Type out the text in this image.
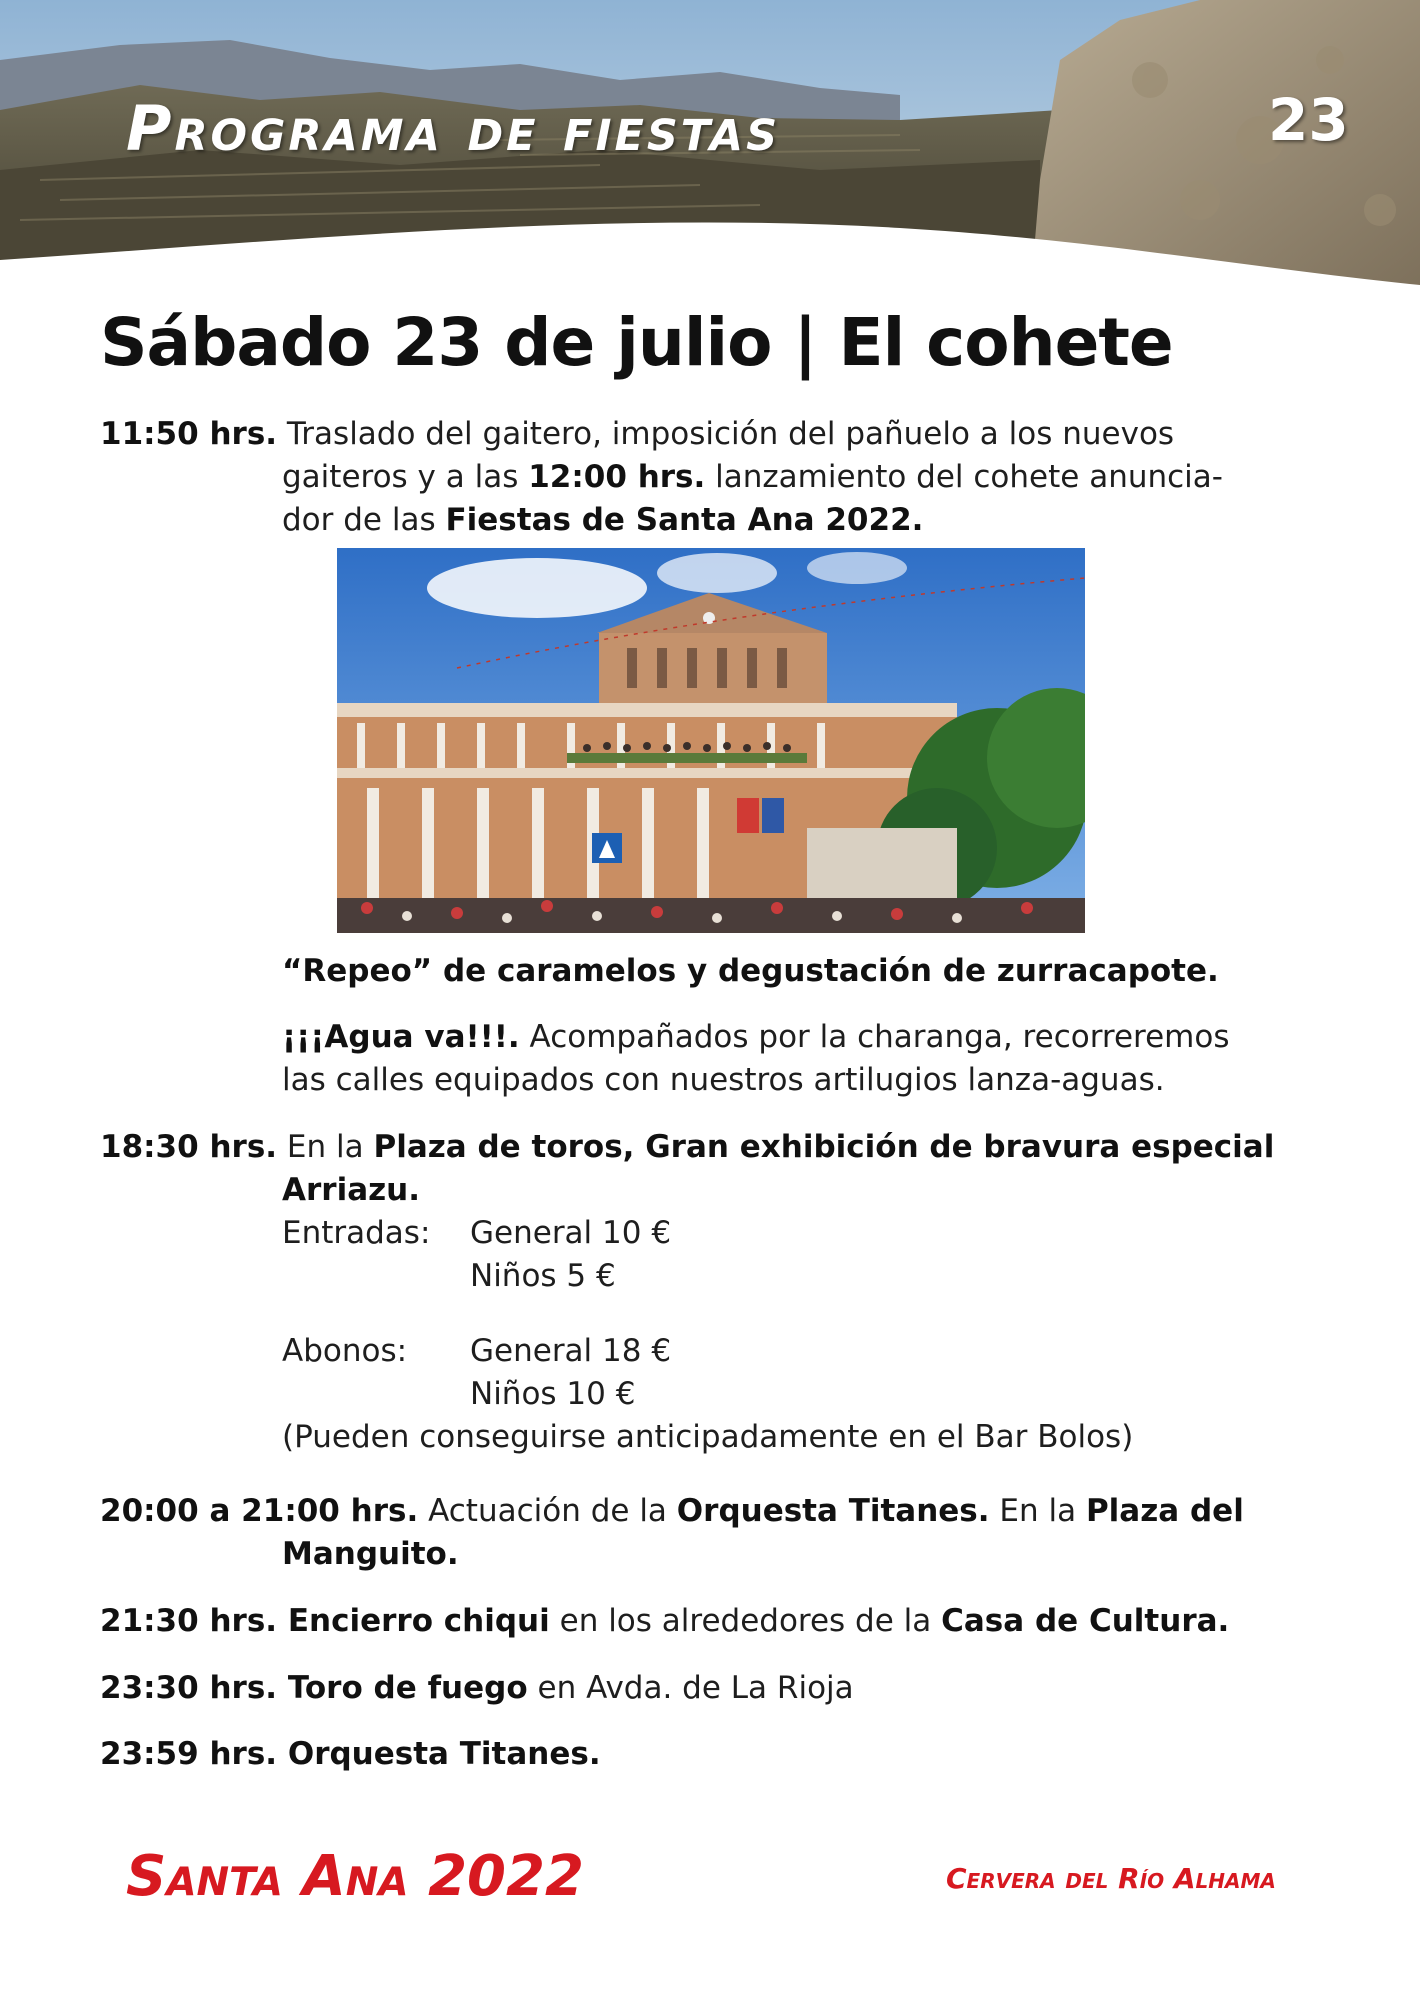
Programa de fiestas	23
Sábado 23 de julio | El cohete
11:50 hrs. Traslado del gaitero, imposición del pañuelo a los nuevos
gaiteros y a las 12:00 hrs. lanzamiento del cohete anuncia-
dor de las Fiestas de Santa Ana 2022.
“Repeo” de caramelos y degustación de zurracapote.
¡¡¡Agua va!!!. Acompañados por la charanga, recorreremos
las calles equipados con nuestros artilugios lanza-aguas.
18:30 hrs. En la Plaza de toros, Gran exhibición de bravura especial
Arriazu.
Entradas: General 10 €
Niños 5 €
Abonos: General 18 €
Niños 10 €
(Pueden conseguirse anticipadamente en el Bar Bolos)
20:00 a 21:00 hrs. Actuación de la Orquesta Titanes. En la Plaza del
Manguito.
21:30 hrs. Encierro chiqui en los alrededores de la Casa de Cultura.
23:30 hrs. Toro de fuego en Avda. de La Rioja
23:59 hrs. Orquesta Titanes.
Santa Ana 2022	Cervera del Río Alhama
